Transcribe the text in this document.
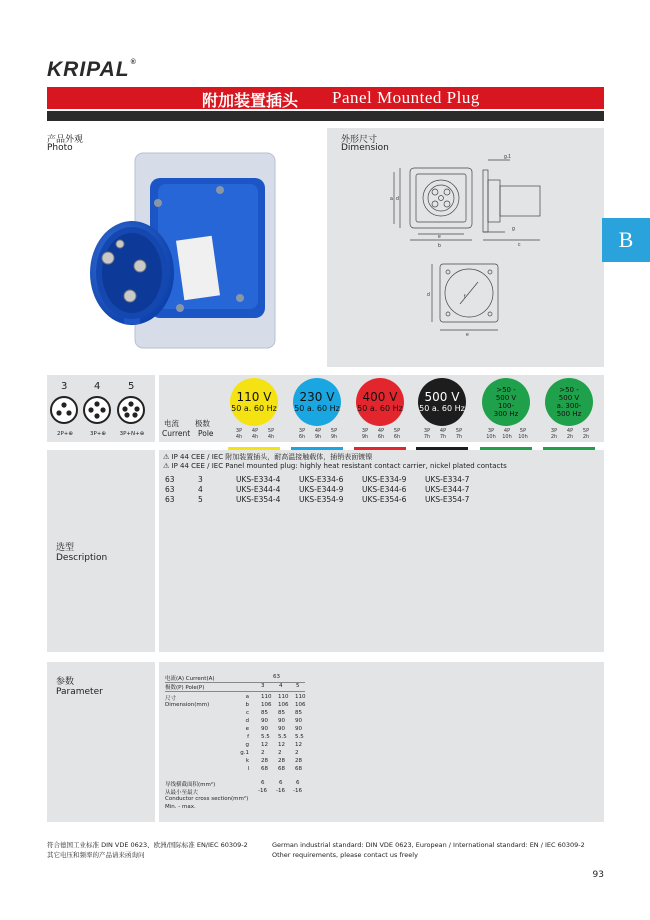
KRIPAL®
附加装置插头 Panel Mounted Plug
产品外观
Photo
外形尺寸
Dimension
e
b
a d
g.1
g
c
e
d	f
B
3
2P+⊕
4
3P+⊕
5
3P+N+⊕
电流 极数
Current Pole
110 V
50 a. 60 Hz
3P
4h
4P
4h
5P
4h
230 V
50 a. 60 Hz
3P
6h
4P
9h
5P
9h
400 V
50 a. 60 Hz
3P
9h
4P
6h
5P
6h
500 V
50 a. 60 Hz
3P
7h
4P
7h
5P
7h
>50 -
500 V
100-
300 Hz
3P
10h
4P
10h
5P
10h
>50 -
500 V
a. 300-
500 Hz
3P
2h
4P
2h
5P
2h
选型
Description
⚠ IP 44 CEE / IEC 附加装置插头，耐高温接触载体，插销表面镀镍
⚠ IP 44 CEE / IEC Panel mounted plug: highly heat resistant contact carrier, nickel plated contacts
63	3	UKS-E334-4 UKS-E334-6 UKS-E334-9 UKS-E334-7
63	4	UKS-E344-4 UKS-E344-9 UKS-E344-6 UKS-E344-7
63	5	UKS-E354-4 UKS-E354-9 UKS-E354-6 UKS-E354-7
参数
Parameter
电流(A) Current(A)	63
极数(P) Pole(P)	3	4 5
尺寸
Dimension(mm)
a 110 110 110
b 106 106 106
c 85 85 85
d 90 90 90
e 90 90 90
f 5.5 5.5 5.5
g 12 12 12
g.1 2 2 2
k 28 28 28
l 68 68 68
导线横截面积(mm²)
从最小至最大
Conductor cross section(mm²)
Min. - max.
6	6 6
-16 -16 -16
符合德国工业标准 DIN VDE 0623、欧洲/国际标准 EN/IEC 60309-2
其它电压和频率的产品请来函询问
German industrial standard: DIN VDE 0623, European / International standard: EN / IEC 60309-2
Other requirements, please contact us freely
93
